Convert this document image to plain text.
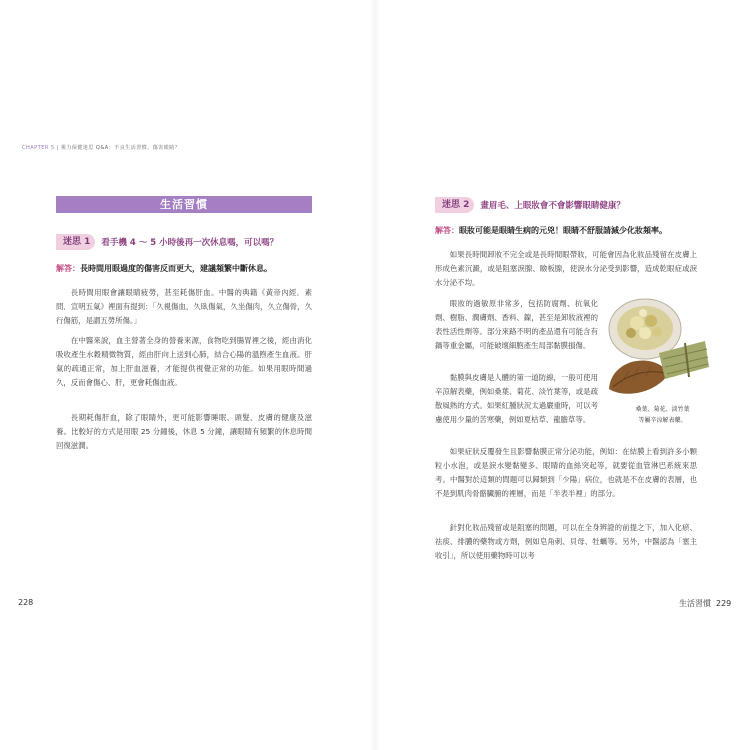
CHAPTER 5 | 視力保健迷思 Q&A：不良生活習慣，傷害眼睛？
生活習慣
迷思 1	看手機 4 ～ 5 小時後再一次休息嗎，可以嗎？
解答：長時間用眼過度的傷害反而更大，建議頻繁中斷休息。

長時間用眼會讓眼睛疲勞，甚至耗傷肝血。中醫的典籍《黃帝內經．素問．宣明五氣》裡面有提到：「久視傷血，久臥傷氣，久坐傷肉，久立傷骨，久行傷筋，是謂五勞所傷。」

在中醫來說，血主營著全身的營養來源，食物吃到腸胃裡之後，經由消化吸收產生水穀精微物質，經由肝向上送到心肺，結合心陽的溫煦產生血液。肝氣的疏通正常，加上肝血滋養，才能提供視覺正常的功能。如果用眼時間過久，反而會傷心、肝，更會耗傷血液。

長期耗傷肝血，除了眼睛外，更可能影響睡眠、頭髮、皮膚的健康及滋養。比較好的方式是用眼 25 分鐘後，休息 5 分鐘，讓眼睛有頻繁的休息時間回復滋潤。

228
迷思 2	畫眉毛、上眼妝會不會影響眼睛健康？
解答：眼妝可能是眼睛生病的元兇！眼睛不舒服請減少化妝頻率。

如果長時間卸妝不完全或是長時間眼帶妝，可能會因為化妝品殘留在皮膚上形成色素沉澱，或是阻塞淚腺、瞼板腺，使淚水分泌受到影響，造成乾眼症或淚水分泌不均。

眼妝的過敏原非常多，包括防腐劑、抗氧化劑、樹脂、潤膚劑、香料、鎳，甚至是卸妝液裡的表性活性劑等。部分來路不明的產品還有可能含有鍋等重金屬，可能破壞細胞產生局部黏膜損傷。

黏膜與皮膚是人體的第一道防線，一般可使用辛涼解表藥，例如桑葉、菊花、淡竹葉等，或是疏散風熱的方式。如果紅腫狀況太過嚴重時，可以考慮使用少量的苦寒藥，例如夏枯草、龍膽草等。

如果症狀反覆發生且影響黏膜正常分泌功能，例如：在結膜上看到許多小顆粒小水泡，或是淚水變黏變多、眼睛的血絲突起等，就要從血管淋巴系統來思考。中醫對於這類的問題可以歸類到「少陽」病位，也就是不在皮膚的表層，也不是到肌肉骨骼臟腑的裡層，而是「半表半裡」的部分。

針對化妝品殘留或是阻塞的問題，可以在全身辨證的前提之下，加入化瘀、祛痰、排膿的藥物或方劑，例如皂角刺、貝母、牡蠣等。另外，中醫認為「塞主收引」，所以使用藥物時可以考

桑葉、菊花、淡竹葉
等屬辛涼解表藥。
生活習慣 229
